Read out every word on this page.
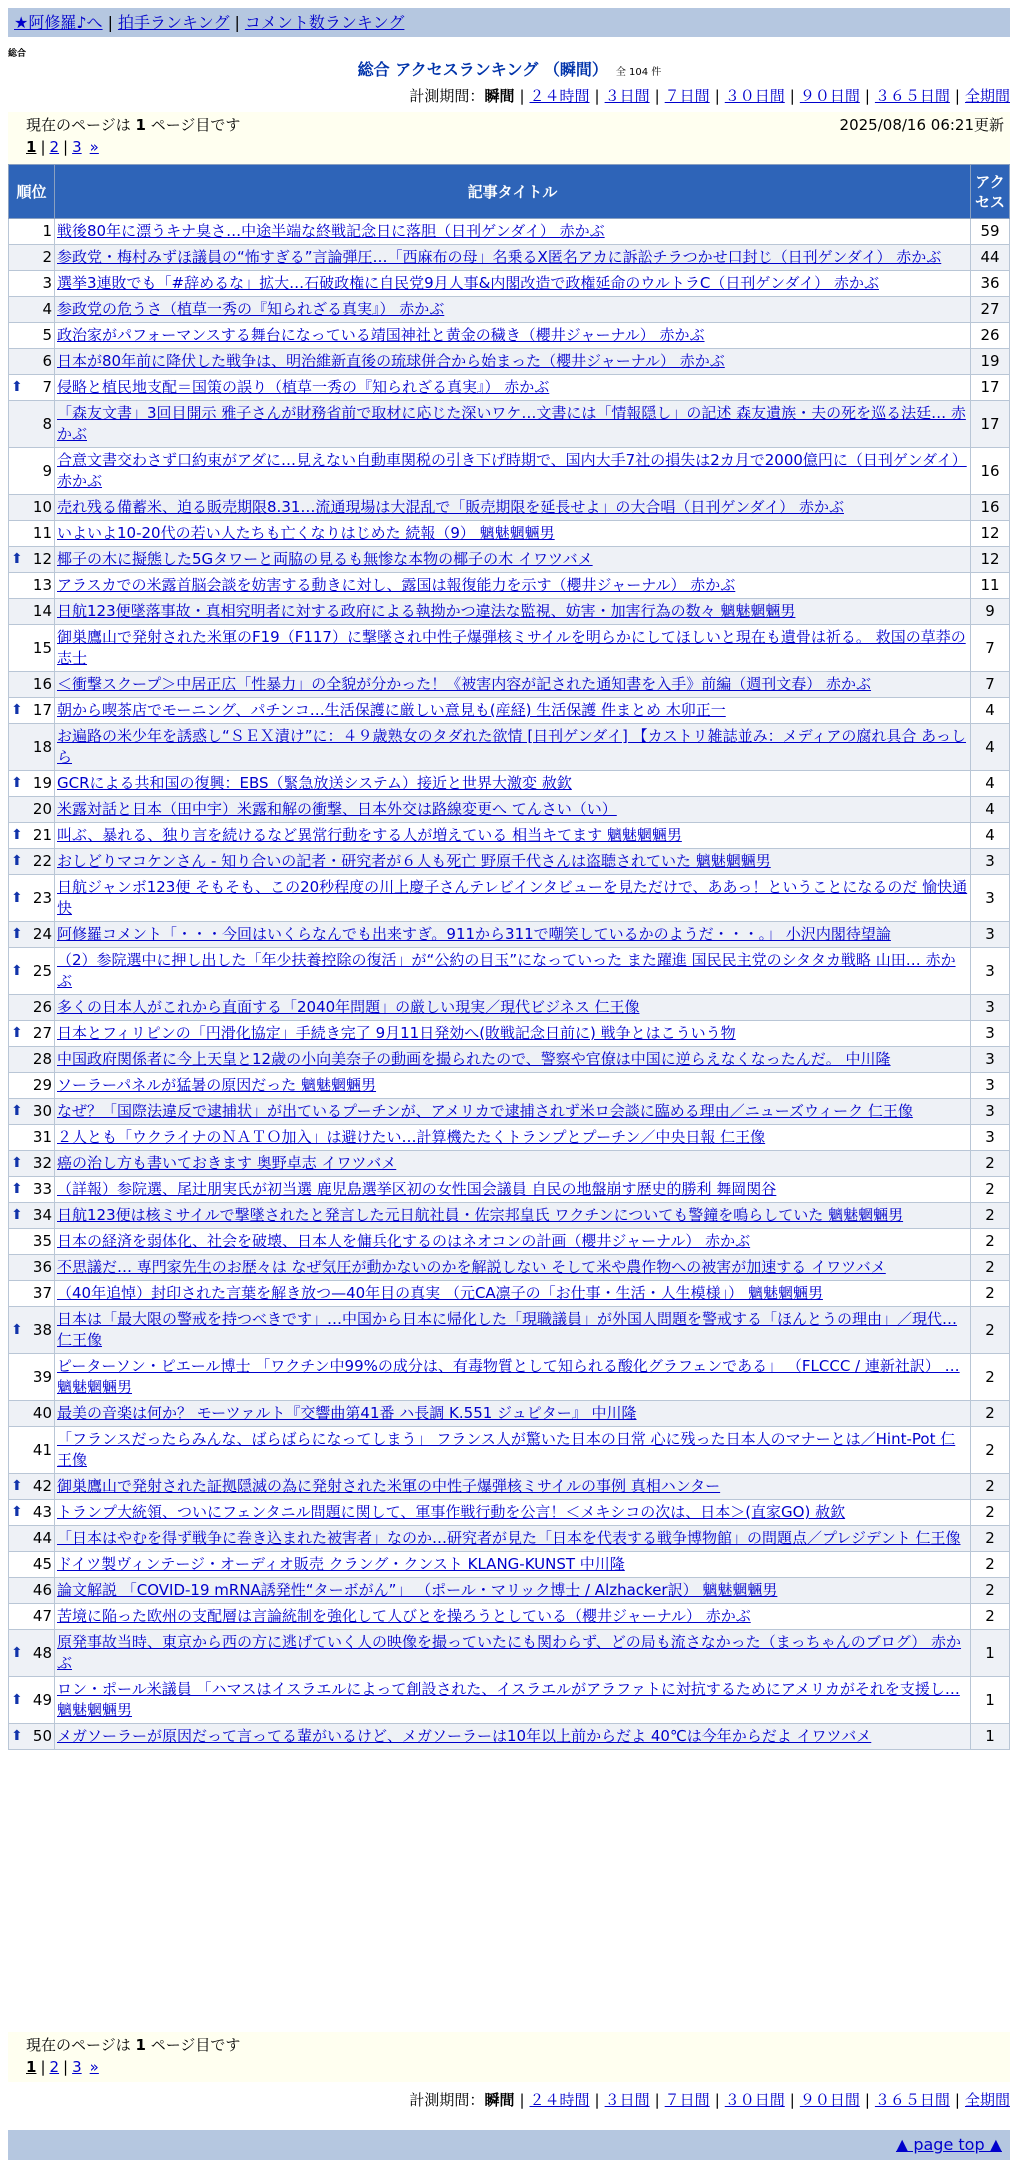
★阿修羅♪へ | 拍手ランキング | コメント数ランキング
総合
総合 アクセスランキング （瞬間） 全 104 件
計測期間：瞬間 | ２４時間 | ３日間 | ７日間 | ３０日間 | ９０日間 | ３６５日間 | 全期間
現在のページは 1 ページ目です	2025/08/16 06:21更新
1 | 2 | 3 »
順位	記事タイトル	アクセス
1	戦後80年に漂うキナ臭さ…中途半端な終戦記念日に落胆（日刊ゲンダイ） 赤かぶ	59
2	参政党・梅村みずほ議員の“怖すぎる”言論弾圧…「西麻布の母」名乗るX匿名アカに訴訟チラつかせ口封じ（日刊ゲンダイ） 赤かぶ	44
3	選挙3連敗でも「#辞めるな」拡大…石破政権に自民党9月人事&内閣改造で政権延命のウルトラC（日刊ゲンダイ） 赤かぶ	36
4	参政党の危うさ（植草一秀の『知られざる真実』） 赤かぶ	27
5	政治家がパフォーマンスする舞台になっている靖国神社と黄金の穢き（櫻井ジャーナル） 赤かぶ	26
6	日本が80年前に降伏した戦争は、明治維新直後の琉球併合から始まった（櫻井ジャーナル） 赤かぶ	19

⬆ 7	侵略と植民地支配＝国策の誤り（植草一秀の『知られざる真実』） 赤かぶ	17
8	「森友文書」3回目開示 雅子さんが財務省前で取材に応じた深いワケ…文書には「情報隠し」の記述 森友遺族・夫の死を巡る法廷… 赤かぶ	17
9	合意文書交わさず口約束がアダに…見えない自動車関税の引き下げ時期で、国内大手7社の損失は2カ月で2000億円に（日刊ゲンダイ） 赤かぶ	16
10	売れ残る備蓄米、迫る販売期限8.31…流通現場は大混乱で「販売期限を延長せよ」の大合唱（日刊ゲンダイ） 赤かぶ	16
11	いよいよ10-20代の若い人たちも亡くなりはじめた 続報（9） 魑魅魍魎男	12

⬆ 12	椰子の木に擬態した5Gタワーと両脇の見るも無惨な本物の椰子の木 イワツバメ	12
13	アラスカでの米露首脳会談を妨害する動きに対し、露国は報復能力を示す（櫻井ジャーナル） 赤かぶ	11
14	日航123便墜落事故・真相究明者に対する政府による執拗かつ違法な監視、妨害・加害行為の数々 魑魅魍魎男	9
15	御巣鷹山で発射された米軍のF19（F117）に撃墜され中性子爆弾核ミサイルを明らかにしてほしいと現在も遺骨は祈る。 救国の草莽の志士	7
16	＜衝撃スクープ＞中居正広「性暴力」の全貌が分かった！《被害内容が記された通知書を入手》前編（週刊文春） 赤かぶ	7

⬆ 17	朝から喫茶店でモーニング、パチンコ…生活保護に厳しい意見も(産経) 生活保護 件まとめ 木卯正一	4
18	お遍路の米少年を誘惑し“ＳＥＸ漬け”に：４９歳熟女のタダれた欲情 [日刊ゲンダイ] 【カストリ雑誌並み：メディアの腐れ具合 あっしら	4

⬆ 19	GCRによる共和国の復興：EBS（緊急放送システム）接近と世界大激変 赦欽	4
20	米露対話と日本（田中宇）米露和解の衝撃、日本外交は路線変更へ てんさい（い）	4

⬆ 21	叫ぶ、暴れる、独り言を続けるなど異常行動をする人が増えている 相当キてます 魑魅魍魎男	4

⬆ 22	おしどりマコケンさん - 知り合いの記者・研究者が６人も死亡 野原千代さんは盗聴されていた 魑魅魍魎男	3

⬆ 23	日航ジャンボ123便 そもそも、この20秒程度の川上慶子さんテレビインタビューを見ただけで、ああっ！ということになるのだ 愉快通快	3

⬆ 24	阿修羅コメント「・・・今回はいくらなんでも出来すぎ。911から311で嘲笑しているかのようだ・・・。」 小沢内閣待望論	3

⬆ 25	（2）参院選中に押し出した「年少扶養控除の復活」が“公約の目玉”になっていった また躍進 国民民主党のシタタカ戦略 山田… 赤かぶ	3
26	多くの日本人がこれから直面する「2040年問題」の厳しい現実／現代ビジネス 仁王像	3

⬆ 27	日本とフィリピンの「円滑化協定」手続き完了 9月11日発効へ(敗戦記念日前に) 戦争とはこういう物	3
28	中国政府関係者に今上天皇と12歳の小向美奈子の動画を撮られたので、警察や官僚は中国に逆らえなくなったんだ。 中川隆	3
29	ソーラーパネルが猛暑の原因だった 魑魅魍魎男	3

⬆ 30	なぜ？「国際法違反で逮捕状」が出ているプーチンが、アメリカで逮捕されず米ロ会談に臨める理由／ニューズウィーク 仁王像	3
31	２人とも「ウクライナのＮＡＴＯ加入」は避けたい…計算機たたくトランプとプーチン／中央日報 仁王像	3

⬆ 32	癌の治し方も書いておきます 奥野卓志 イワツバメ	2

⬆ 33	（詳報）参院選、尾辻朋実氏が初当選 鹿児島選挙区初の女性国会議員 自民の地盤崩す歴史的勝利 舞岡関谷	2

⬆ 34	日航123便は核ミサイルで撃墜されたと発言した元日航社員・佐宗邦皇氏 ワクチンについても警鐘を鳴らしていた 魑魅魍魎男	2
35	日本の経済を弱体化、社会を破壊、日本人を傭兵化するのはネオコンの計画（櫻井ジャーナル） 赤かぶ	2
36	不思議だ… 専門家先生のお歴々は なぜ気圧が動かないのかを解説しない そして米や農作物への被害が加速する イワツバメ	2
37	（40年追悼）封印された言葉を解き放つ—40年目の真実 （元CA凛子の「お仕事・生活・人生模様」） 魑魅魍魎男	2

⬆ 38	日本は「最大限の警戒を持つべきです」…中国から日本に帰化した「現職議員」が外国人問題を警戒する「ほんとうの理由」／現代… 仁王像	2
39	ピーターソン・ピエール博士 「ワクチン中99%の成分は、有毒物質として知られる酸化グラフェンである」 （FLCCC / 連新社訳） … 魑魅魍魎男	2
40	最美の音楽は何か？ モーツァルト『交響曲第41番 ハ長調 K.551 ジュピター』 中川隆	2
41	「フランスだったらみんな、ばらばらになってしまう」 フランス人が驚いた日本の日常 心に残った日本人のマナーとは／Hint-Pot 仁王像	2

⬆ 42	御巣鷹山で発射された証拠隠滅の為に発射された米軍の中性子爆弾核ミサイルの事例 真相ハンター	2

⬆ 43	トランプ大統領、ついにフェンタニル問題に関して、軍事作戦行動を公言！＜メキシコの次は、日本＞(直家GO) 赦欽	2
44	「日本はやむを得ず戦争に巻き込まれた被害者」なのか…研究者が見た「日本を代表する戦争博物館」の問題点／プレジデント 仁王像	2
45	ドイツ製ヴィンテージ・オーディオ販売 クラング・クンスト KLANG-KUNST 中川隆	2
46	論文解説 「COVID-19 mRNA誘発性“ターボがん”」 （ポール・マリック博士 / Alzhacker訳） 魑魅魍魎男	2
47	苦境に陥った欧州の支配層は言論統制を強化して人びとを操ろうとしている（櫻井ジャーナル） 赤かぶ	2

⬆ 48	原発事故当時、東京から西の方に逃げていく人の映像を撮っていたにも関わらず、どの局も流さなかった（まっちゃんのブログ） 赤かぶ	1

⬆ 49	ロン・ポール米議員 「ハマスはイスラエルによって創設された、イスラエルがアラファトに対抗するためにアメリカがそれを支援し… 魑魅魍魎男	1

⬆ 50	メガソーラーが原因だって言ってる輩がいるけど、メガソーラーは10年以上前からだよ 40℃は今年からだよ イワツバメ	1
現在のページは 1 ページ目です
1 | 2 | 3 »
計測期間：瞬間 | ２４時間 | ３日間 | ７日間 | ３０日間 | ９０日間 | ３６５日間 | 全期間
▲ page top ▲
